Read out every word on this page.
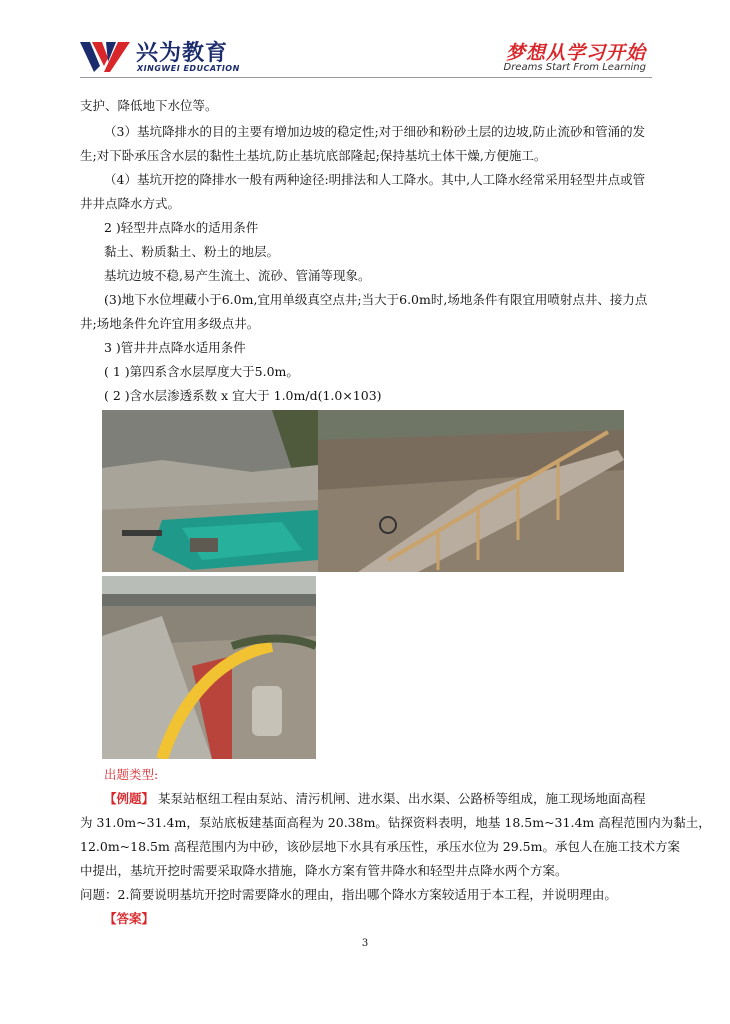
兴为教育
XINGWEI EDUCATION
梦想从学习开始
Dreams Start From Learning
支护、降低地下水位等。
（3）基坑降排水的目的主要有增加边坡的稳定性;对于细砂和粉砂土层的边坡,防止流砂和管涌的发
生;对下卧承压含水层的黏性土基坑,防止基坑底部隆起;保持基坑土体干燥,方便施工。
（4）基坑开挖的降排水一般有两种途径:明排法和人工降水。其中,人工降水经常采用轻型井点或管
井井点降水方式。
2 )轻型井点降水的适用条件
黏土、粉质黏土、粉土的地层。
基坑边坡不稳,易产生流土、流砂、管涌等现象。
(3)地下水位埋藏小于6.0m,宜用单级真空点井;当大于6.0m时,场地条件有限宜用喷射点井、接力点
井;场地条件允许宜用多级点井。
3 )管井井点降水适用条件
( 1 )第四系含水层厚度大于5.0m。
( 2 )含水层渗透系数 x 宜大于 1.0m/d(1.0×103)
出题类型:
【例题】 某泵站枢纽工程由泵站、清污机闸、进水渠、出水渠、公路桥等组成，施工现场地面高程
为 31.0m~31.4m，泵站底板建基面高程为 20.38m。钻探资料表明，地基 18.5m~31.4m 高程范围内为黏土，
12.0m~18.5m 高程范围内为中砂，该砂层地下水具有承压性，承压水位为 29.5m。承包人在施工技术方案
中提出，基坑开挖时需要采取降水措施，降水方案有管井降水和轻型井点降水两个方案。
问题：2.简要说明基坑开挖时需要降水的理由，指出哪个降水方案较适用于本工程，并说明理由。
【答案】
3
